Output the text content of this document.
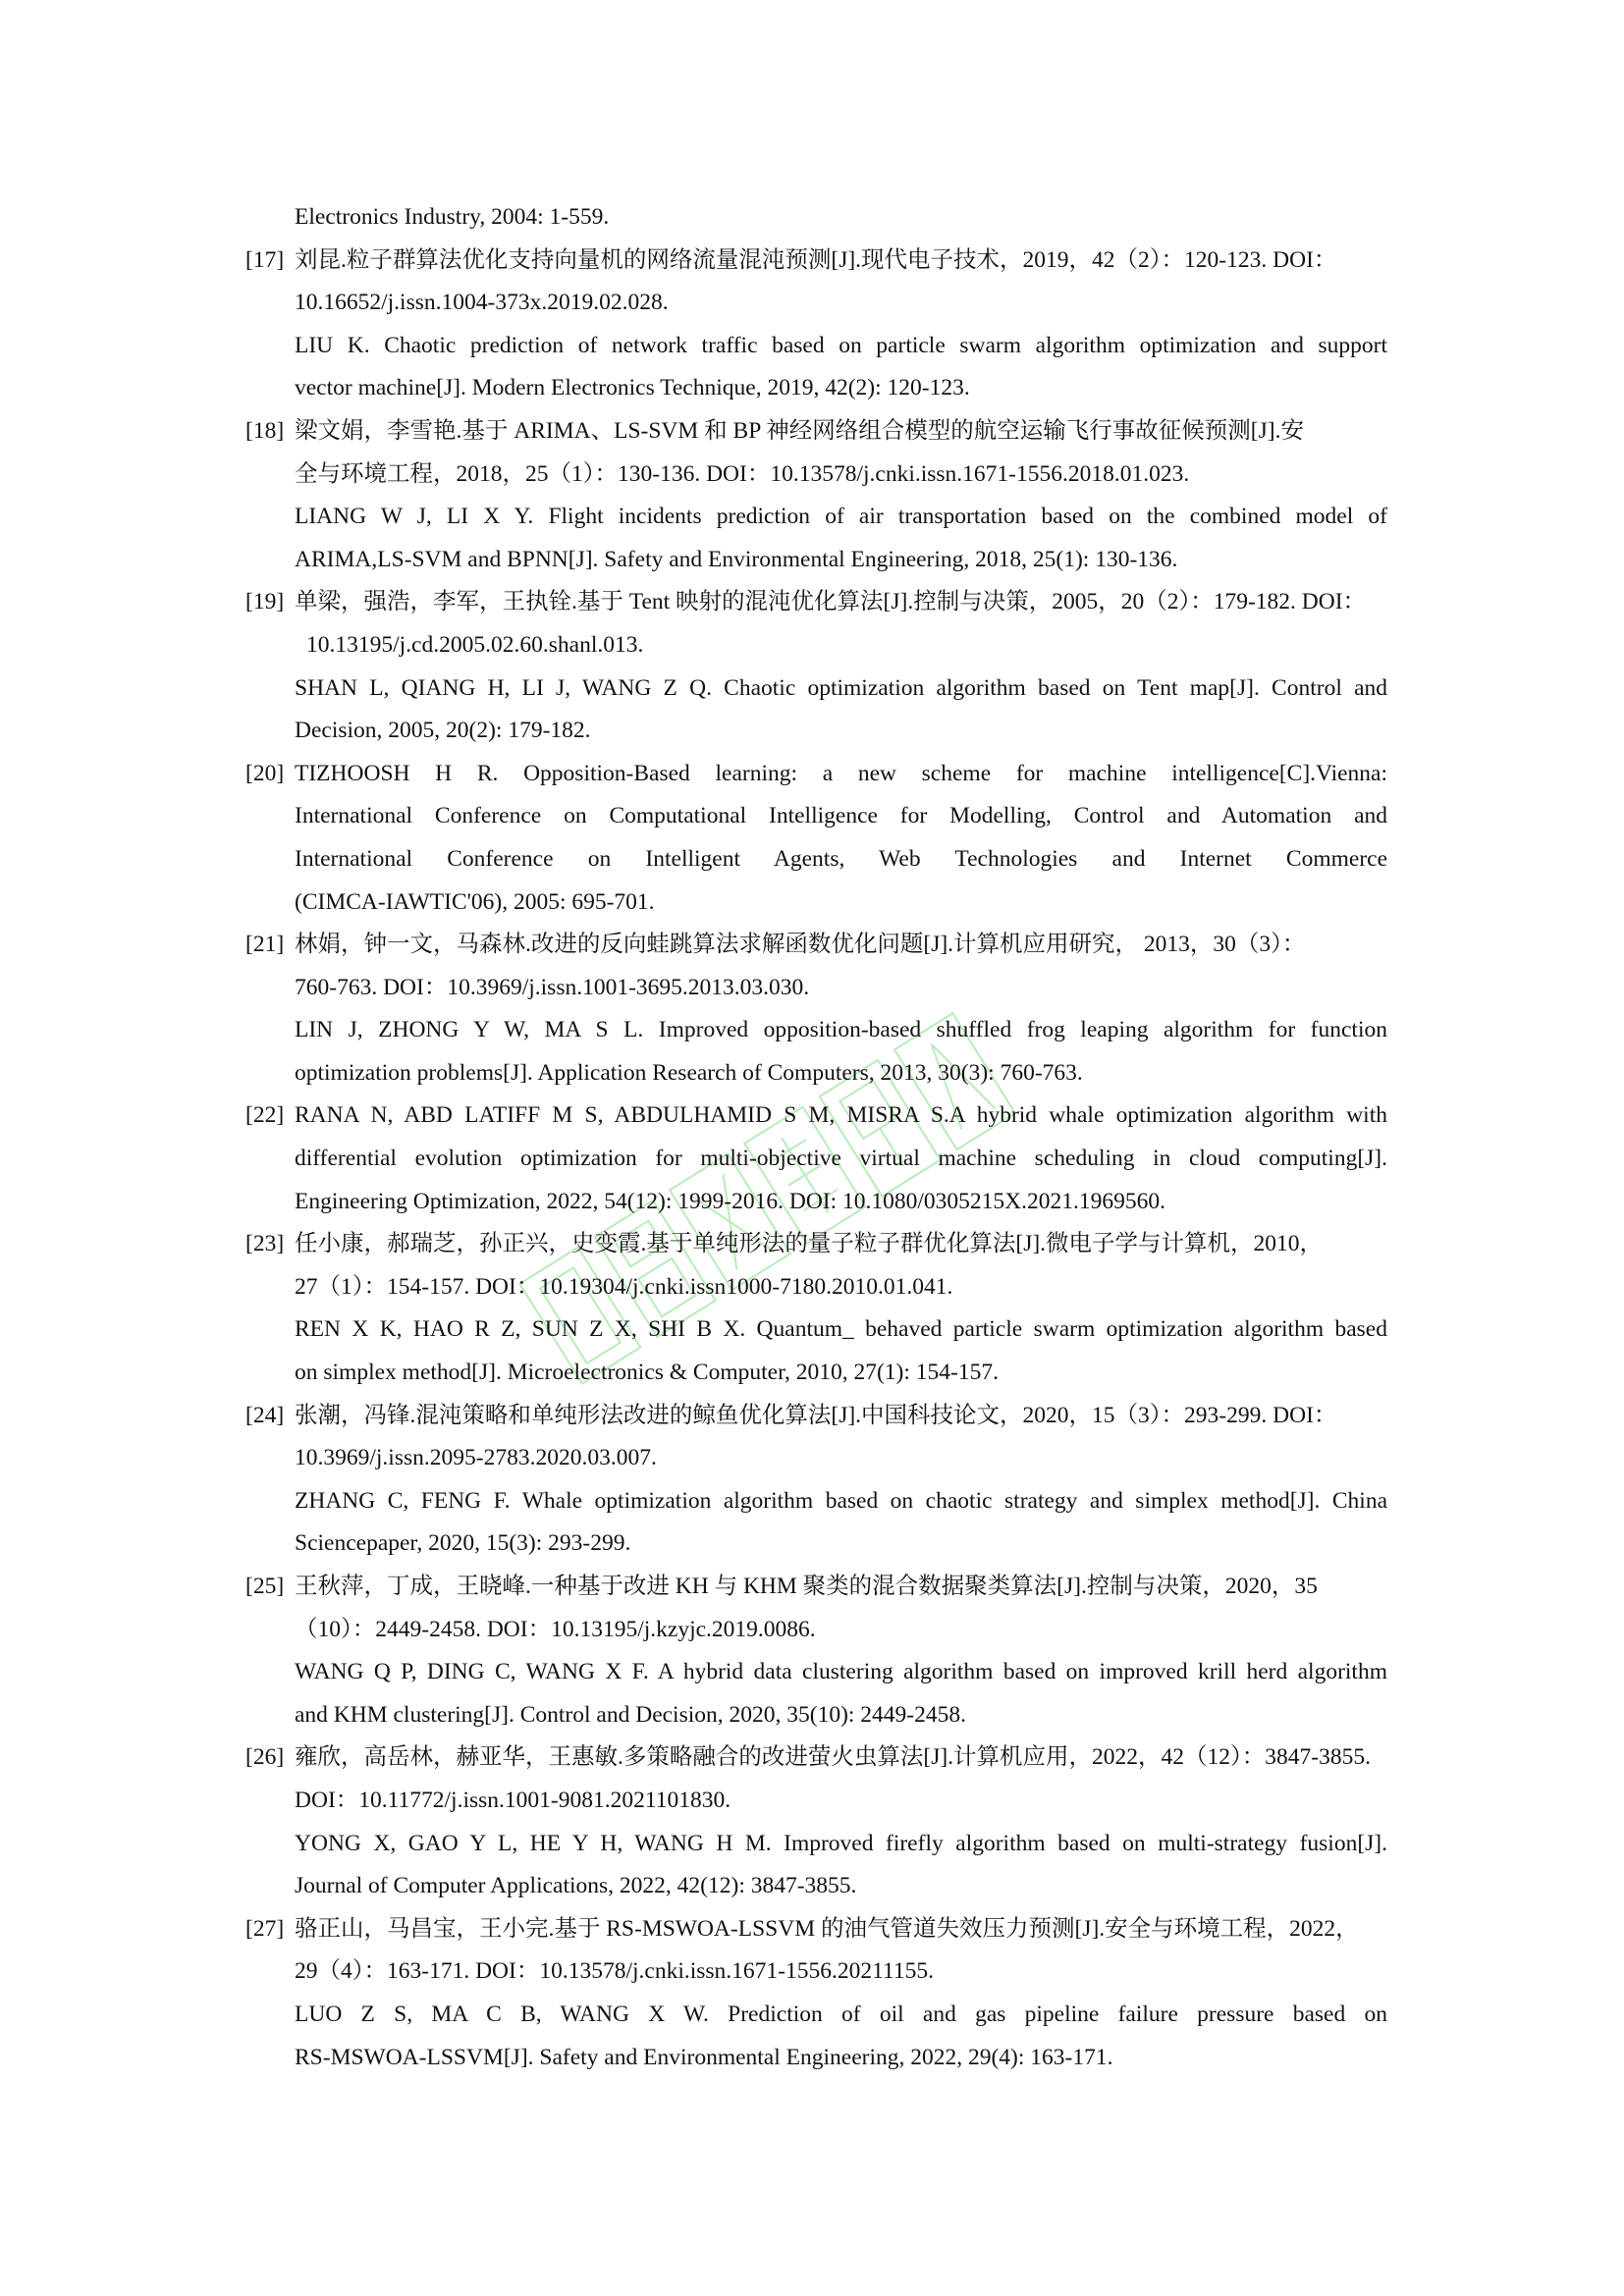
Electronics Industry, 2004: 1-559.
[17] 刘昆.粒子群算法优化支持向量机的网络流量混沌预测[J].现代电子技术，2019，42（2）：120-123. DOI：
10.16652/j.issn.1004-373x.2019.02.028.
LIU K. Chaotic prediction of network traffic based on particle swarm algorithm optimization and support
vector machine[J]. Modern Electronics Technique, 2019, 42(2): 120-123.
[18] 梁文娟，李雪艳.基于 ARIMA、LS-SVM 和 BP 神经网络组合模型的航空运输飞行事故征候预测[J].安
全与环境工程，2018，25（1）：130-136. DOI：10.13578/j.cnki.issn.1671-1556.2018.01.023.
LIANG W J, LI X Y. Flight incidents prediction of air transportation based on the combined model of
ARIMA,LS-SVM and BPNN[J]. Safety and Environmental Engineering, 2018, 25(1): 130-136.
[19] 单梁，强浩，李军，王执铨.基于 Tent 映射的混沌优化算法[J].控制与决策，2005，20（2）：179-182. DOI：
10.13195/j.cd.2005.02.60.shanl.013.
SHAN L, QIANG H, LI J, WANG Z Q. Chaotic optimization algorithm based on Tent map[J]. Control and
Decision, 2005, 20(2): 179-182.
[20] TIZHOOSH H R. Opposition-Based learning: a new scheme for machine intelligence[C].Vienna:
International Conference on Computational Intelligence for Modelling, Control and Automation and
International Conference on Intelligent Agents, Web Technologies and Internet Commerce
(CIMCA-IAWTIC'06), 2005: 695-701.
[21] 林娟，钟一文，马森林.改进的反向蛙跳算法求解函数优化问题[J].计算机应用研究， 2013，30（3）：
760-763. DOI：10.3969/j.issn.1001-3695.2013.03.030.
LIN J, ZHONG Y W, MA S L. Improved opposition-based shuffled frog leaping algorithm for function
optimization problems[J]. Application Research of Computers, 2013, 30(3): 760-763.
[22] RANA N, ABD LATIFF M S, ABDULHAMID S M, MISRA S.A hybrid whale optimization algorithm with
differential evolution optimization for multi-objective virtual machine scheduling in cloud computing[J].
Engineering Optimization, 2022, 54(12): 1999-2016. DOI: 10.1080/0305215X.2021.1969560.
[23] 任小康，郝瑞芝，孙正兴，史变霞.基于单纯形法的量子粒子群优化算法[J].微电子学与计算机，2010，
27（1）：154-157. DOI：10.19304/j.cnki.issn1000-7180.2010.01.041.
REN X K, HAO R Z, SUN Z X, SHI B X. Quantum_ behaved particle swarm optimization algorithm based
on simplex method[J]. Microelectronics & Computer, 2010, 27(1): 154-157.
[24] 张潮，冯锋.混沌策略和单纯形法改进的鲸鱼优化算法[J].中国科技论文，2020，15（3）：293-299. DOI：
10.3969/j.issn.2095-2783.2020.03.007.
ZHANG C, FENG F. Whale optimization algorithm based on chaotic strategy and simplex method[J]. China
Sciencepaper, 2020, 15(3): 293-299.
[25] 王秋萍，丁成，王晓峰.一种基于改进 KH 与 KHM 聚类的混合数据聚类算法[J].控制与决策，2020，35
（10）：2449-2458. DOI：10.13195/j.kzyjc.2019.0086.
WANG Q P, DING C, WANG X F. A hybrid data clustering algorithm based on improved krill herd algorithm
and KHM clustering[J]. Control and Decision, 2020, 35(10): 2449-2458.
[26] 雍欣，高岳林，赫亚华，王惠敏.多策略融合的改进萤火虫算法[J].计算机应用，2022，42（12）：3847-3855.
DOI：10.11772/j.issn.1001-9081.2021101830.
YONG X, GAO Y L, HE Y H, WANG H M. Improved firefly algorithm based on multi-strategy fusion[J].
Journal of Computer Applications, 2022, 42(12): 3847-3855.
[27] 骆正山，马昌宝，王小完.基于 RS-MSWOA-LSSVM 的油气管道失效压力预测[J].安全与环境工程，2022，
29（4）：163-171. DOI：10.13578/j.cnki.issn.1671-1556.20211155.
LUO Z S, MA C B, WANG X W. Prediction of oil and gas pipeline failure pressure based on
RS-MSWOA-LSSVM[J]. Safety and Environmental Engineering, 2022, 29(4): 163-171.
